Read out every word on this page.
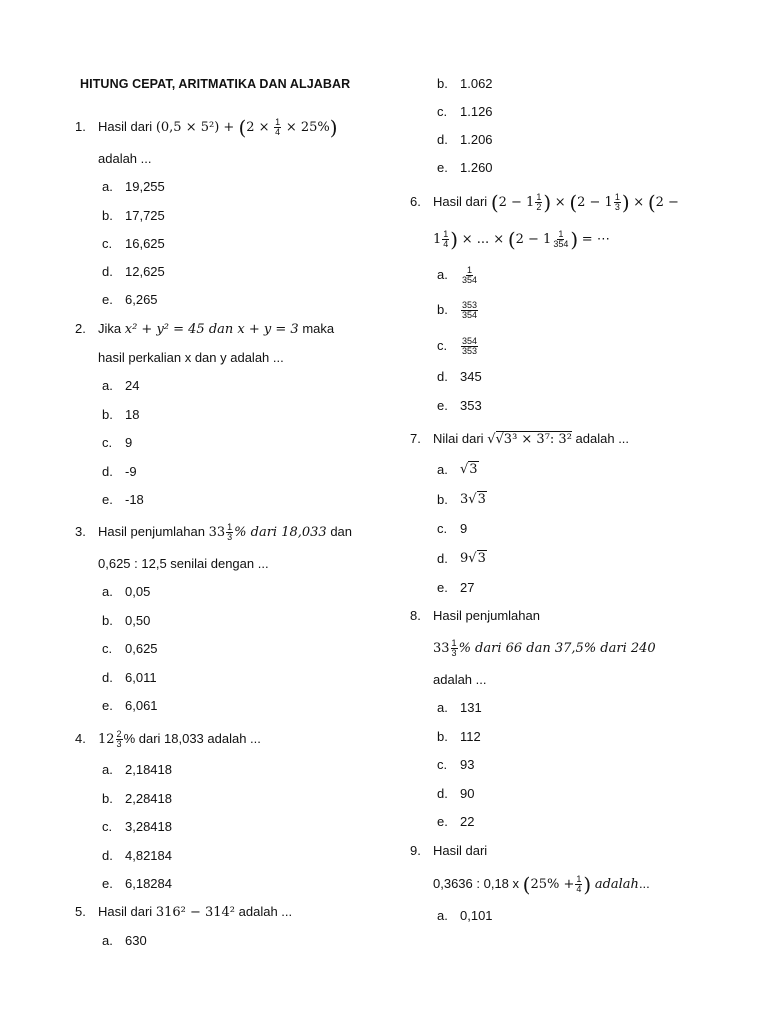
HITUNG CEPAT, ARITMATIKA DAN ALJABAR
1. Hasil dari $(0,5 \times 5^2) + (2 \times \frac{1}{4} \times 25\%)$
adalah ...
a. 19,255
b. 17,725
c. 16,625
d. 12,625
e. 6,265
2. Jika x² + y² = 45 dan x + y = 3 maka
hasil perkalian x dan y adalah ...
a. 24
b. 18
c. 9
d. -9
e. -18
3. Hasil penjumlahan $33 \frac{1}{3}$ % dari 18,033 dan
0,625 : 12,5 senilai dengan ...
a. 0,05
b. 0,50
c. 0,625
d. 6,011
e. 6,061
4. $12 \frac{2}{3}$ % dari 18,033 adalah ...
a. 2,18418
b. 2,28418
c. 3,28418
d. 4,82184
e. 6,18284
5. Hasil dari 316² − 314² adalah ...
a. 630
b. 1.062
c. 1.126
d. 1.206
e. 1.260
6. Hasil dari ($2 - 1 \frac{1}{2}$ ) × ($2 - 1 \frac{1}{3}$ ) × (2 −
$1 \frac{1}{4}$ ) × ... × ($2 - 1 \frac{1}{354}$ ) = ⋯
a. $\frac{1}{354}$
b. $\frac{353}{354}$
c. $\frac{354}{353}$
d. 345
e. 353
7. Nilai dari √√3³ × 3⁷: 3² adalah ...
a. √3
b. 3√3
c. 9
d. 9√3
e. 27
8. Hasil penjumlahan
$33 \frac{1}{3}$ % dari 66 dan 37,5% dari 240
adalah ...
a. 131
b. 112
c. 93
d. 90
e. 22
9. Hasil dari
0,3636 : 0,18 x ($25\% + \frac{1}{4}$ ) adalah...
a. 0,101
